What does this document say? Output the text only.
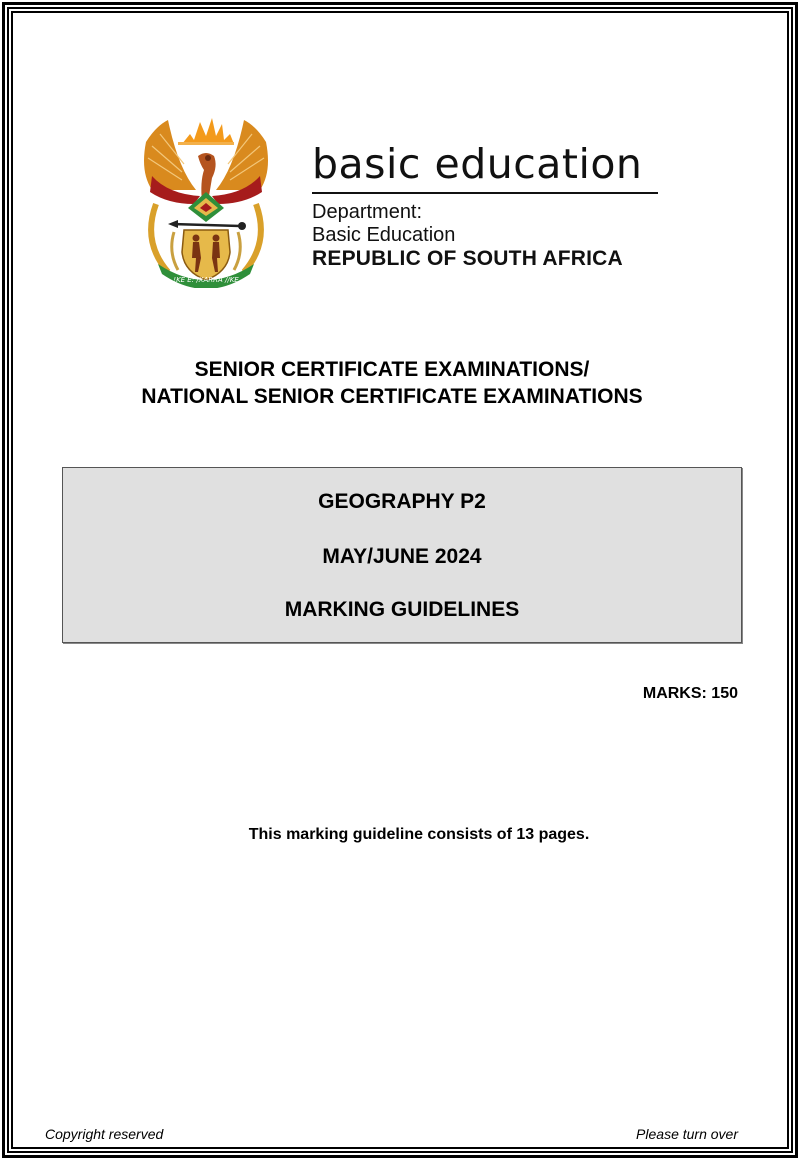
!KE E: /XARRA //KE
basic education
Department:
Basic Education
REPUBLIC OF SOUTH AFRICA
SENIOR CERTIFICATE EXAMINATIONS/
NATIONAL SENIOR CERTIFICATE EXAMINATIONS
GEOGRAPHY P2
MAY/JUNE 2024
MARKING GUIDELINES
MARKS: 150
This marking guideline consists of 13 pages.
Copyright reserved	Please turn over
